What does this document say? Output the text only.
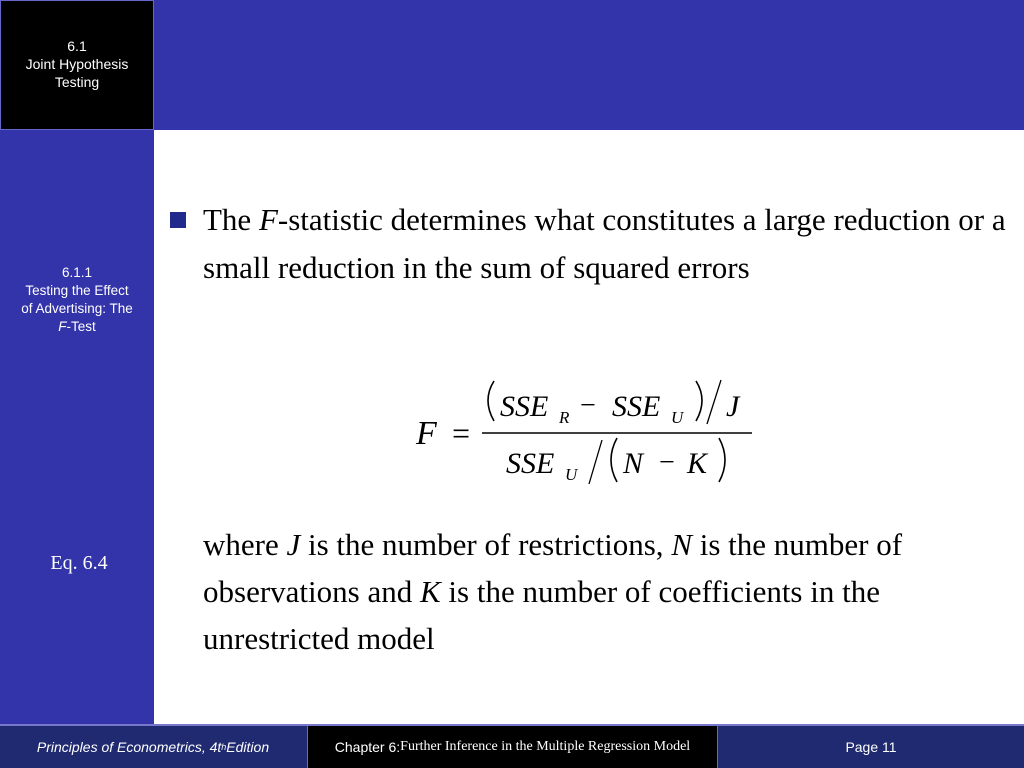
6.1.1
Testing the Effect
of Advertising: The
F-Test
Eq. 6.4
6.1
Joint Hypothesis
Testing
The F-statistic determines what constitutes a large reduction or a small reduction in the sum of squared errors
F =
SSE R − SSE U J
SSE U N − K
where J is the number of restrictions, N is the number of observations and K is the number of coefficients in the unrestricted model
Principles of Econometrics, 4t h Edition	Chapter 6: Further Inference in the Multiple Regression Model	Page 11
